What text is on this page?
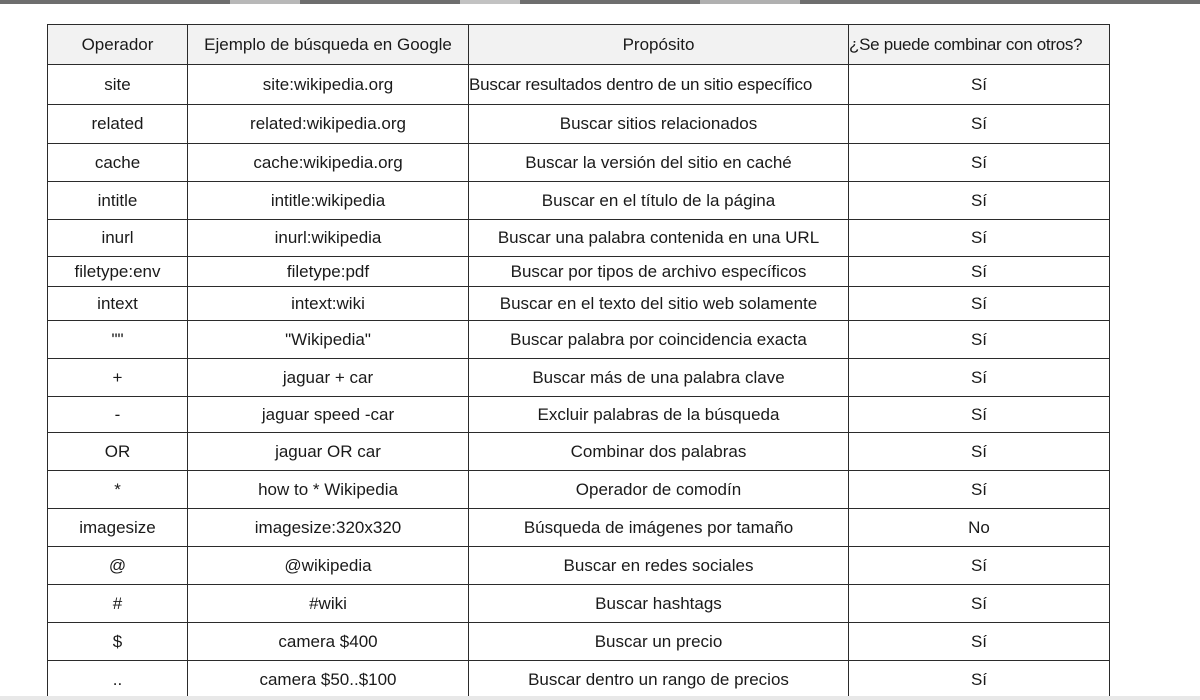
Operador	Ejemplo de búsqueda en Google	Propósito	¿Se puede combinar con otros?
site	site:wikipedia.org	Buscar resultados dentro de un sitio específico	Sí
related	related:wikipedia.org	Buscar sitios relacionados	Sí
cache	cache:wikipedia.org	Buscar la versión del sitio en caché	Sí
intitle	intitle:wikipedia	Buscar en el título de la página	Sí
inurl	inurl:wikipedia	Buscar una palabra contenida en una URL	Sí
filetype:env	filetype:pdf	Buscar por tipos de archivo específicos	Sí
intext	intext:wiki	Buscar en el texto del sitio web solamente	Sí
""	"Wikipedia"	Buscar palabra por coincidencia exacta	Sí
+	jaguar + car	Buscar más de una palabra clave	Sí
-	jaguar speed -car	Excluir palabras de la búsqueda	Sí
OR	jaguar OR car	Combinar dos palabras	Sí
*	how to * Wikipedia	Operador de comodín	Sí
imagesize	imagesize:320x320	Búsqueda de imágenes por tamaño	No
@	@wikipedia	Buscar en redes sociales	Sí
#	#wiki	Buscar hashtags	Sí
$	camera $400	Buscar un precio	Sí
..	camera $50..$100	Buscar dentro un rango de precios	Sí
